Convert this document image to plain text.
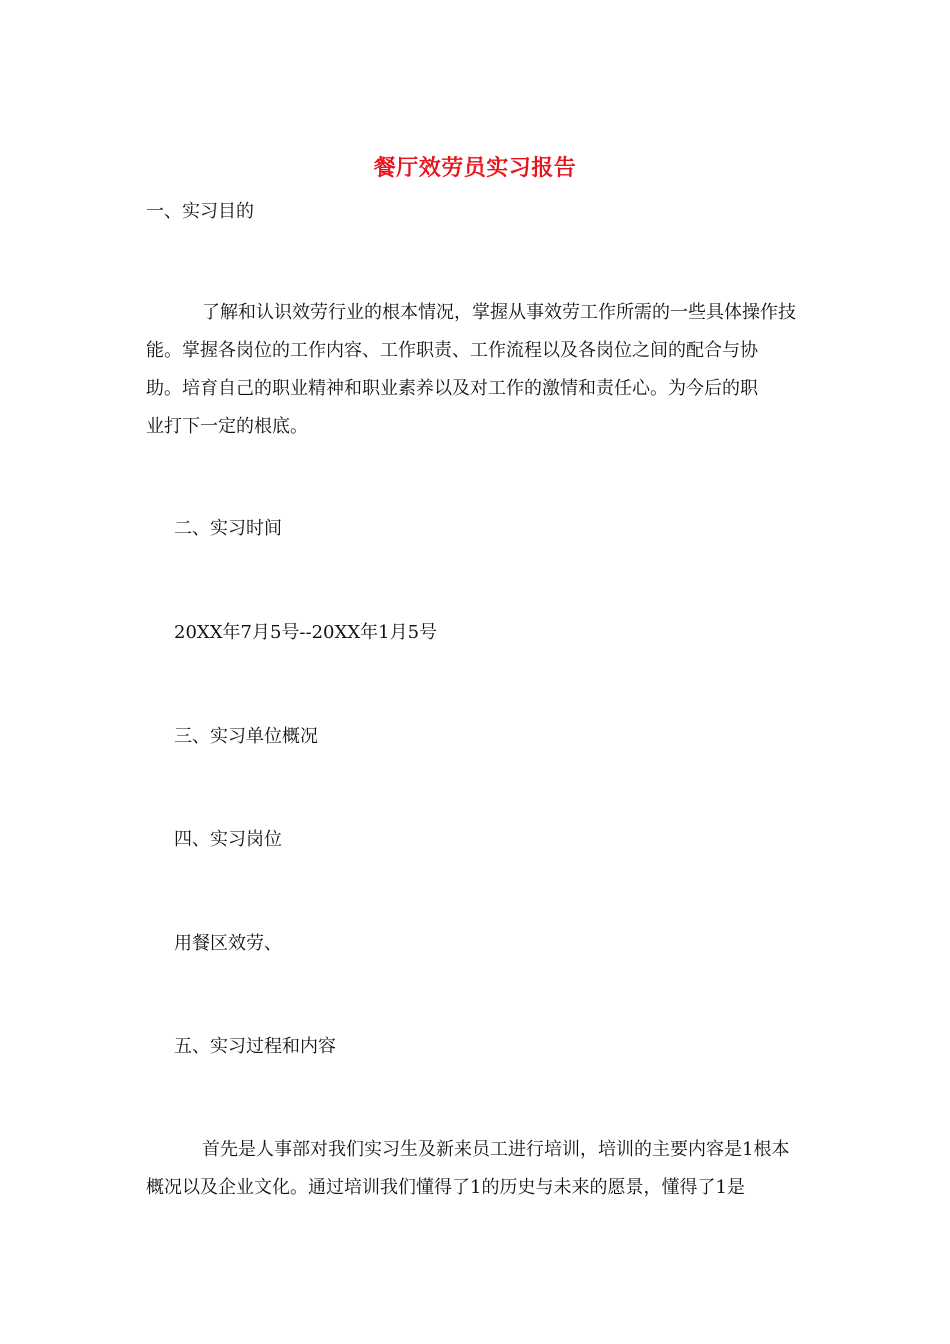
餐厅效劳员实习报告
一、实习目的
了解和认识效劳行业的根本情况，掌握从事效劳工作所需的一些具体操作技
能。掌握各岗位的工作内容、工作职责、工作流程以及各岗位之间的配合与协
助。培育自己的职业精神和职业素养以及对工作的激情和责任心。为今后的职
业打下一定的根底。
二、实习时间
20XX年7月5号--20XX年1月5号
三、实习单位概况
四、实习岗位
用餐区效劳、
五、实习过程和内容
首先是人事部对我们实习生及新来员工进行培训，培训的主要内容是1根本
概况以及企业文化。通过培训我们懂得了1的历史与未来的愿景，懂得了1是
